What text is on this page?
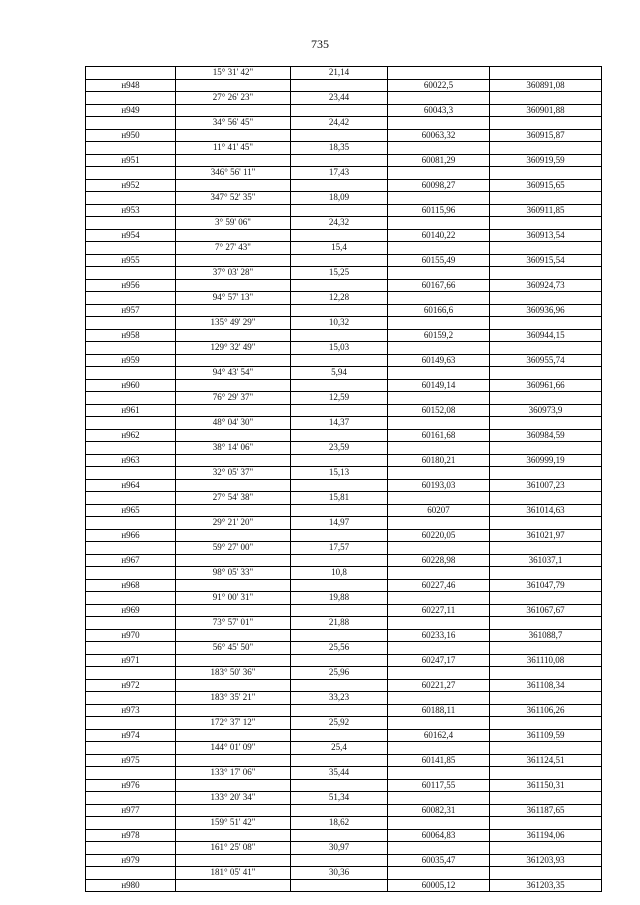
735
	15° 31' 42"	21,14		
н948			60022,5	360891,08
	27° 26' 23"	23,44		
н949			60043,3	360901,88
	34° 56' 45"	24,42		
н950			60063,32	360915,87
	11° 41' 45"	18,35		
н951			60081,29	360919,59
	346° 56' 11"	17,43		
н952			60098,27	360915,65
	347° 52' 35"	18,09		
н953			60115,96	360911,85
	3° 59' 06"	24,32		
н954			60140,22	360913,54
	7° 27' 43"	15,4		
н955			60155,49	360915,54
	37° 03' 28"	15,25		
н956			60167,66	360924,73
	94° 57' 13"	12,28		
н957			60166,6	360936,96
	135° 49' 29"	10,32		
н958			60159,2	360944,15
	129° 32' 49"	15,03		
н959			60149,63	360955,74
	94° 43' 54"	5,94		
н960			60149,14	360961,66
	76° 29' 37"	12,59		
н961			60152,08	360973,9
	48° 04' 30"	14,37		
н962			60161,68	360984,59
	38° 14' 06"	23,59		
н963			60180,21	360999,19
	32° 05' 37"	15,13		
н964			60193,03	361007,23
	27° 54' 38"	15,81		
н965			60207	361014,63
	29° 21' 20"	14,97		
н966			60220,05	361021,97
	59° 27' 00"	17,57		
н967			60228,98	361037,1
	98° 05' 33"	10,8		
н968			60227,46	361047,79
	91° 00' 31"	19,88		
н969			60227,11	361067,67
	73° 57' 01"	21,88		
н970			60233,16	361088,7
	56° 45' 50"	25,56		
н971			60247,17	361110,08
	183° 50' 36"	25,96		
н972			60221,27	361108,34
	183° 35' 21"	33,23		
н973			60188,11	361106,26
	172° 37' 12"	25,92		
н974			60162,4	361109,59
	144° 01' 09"	25,4		
н975			60141,85	361124,51
	133° 17' 06"	35,44		
н976			60117,55	361150,31
	133° 20' 34"	51,34		
н977			60082,31	361187,65
	159° 51' 42"	18,62		
н978			60064,83	361194,06
	161° 25' 08"	30,97		
н979			60035,47	361203,93
	181° 05' 41"	30,36		
н980			60005,12	361203,35
